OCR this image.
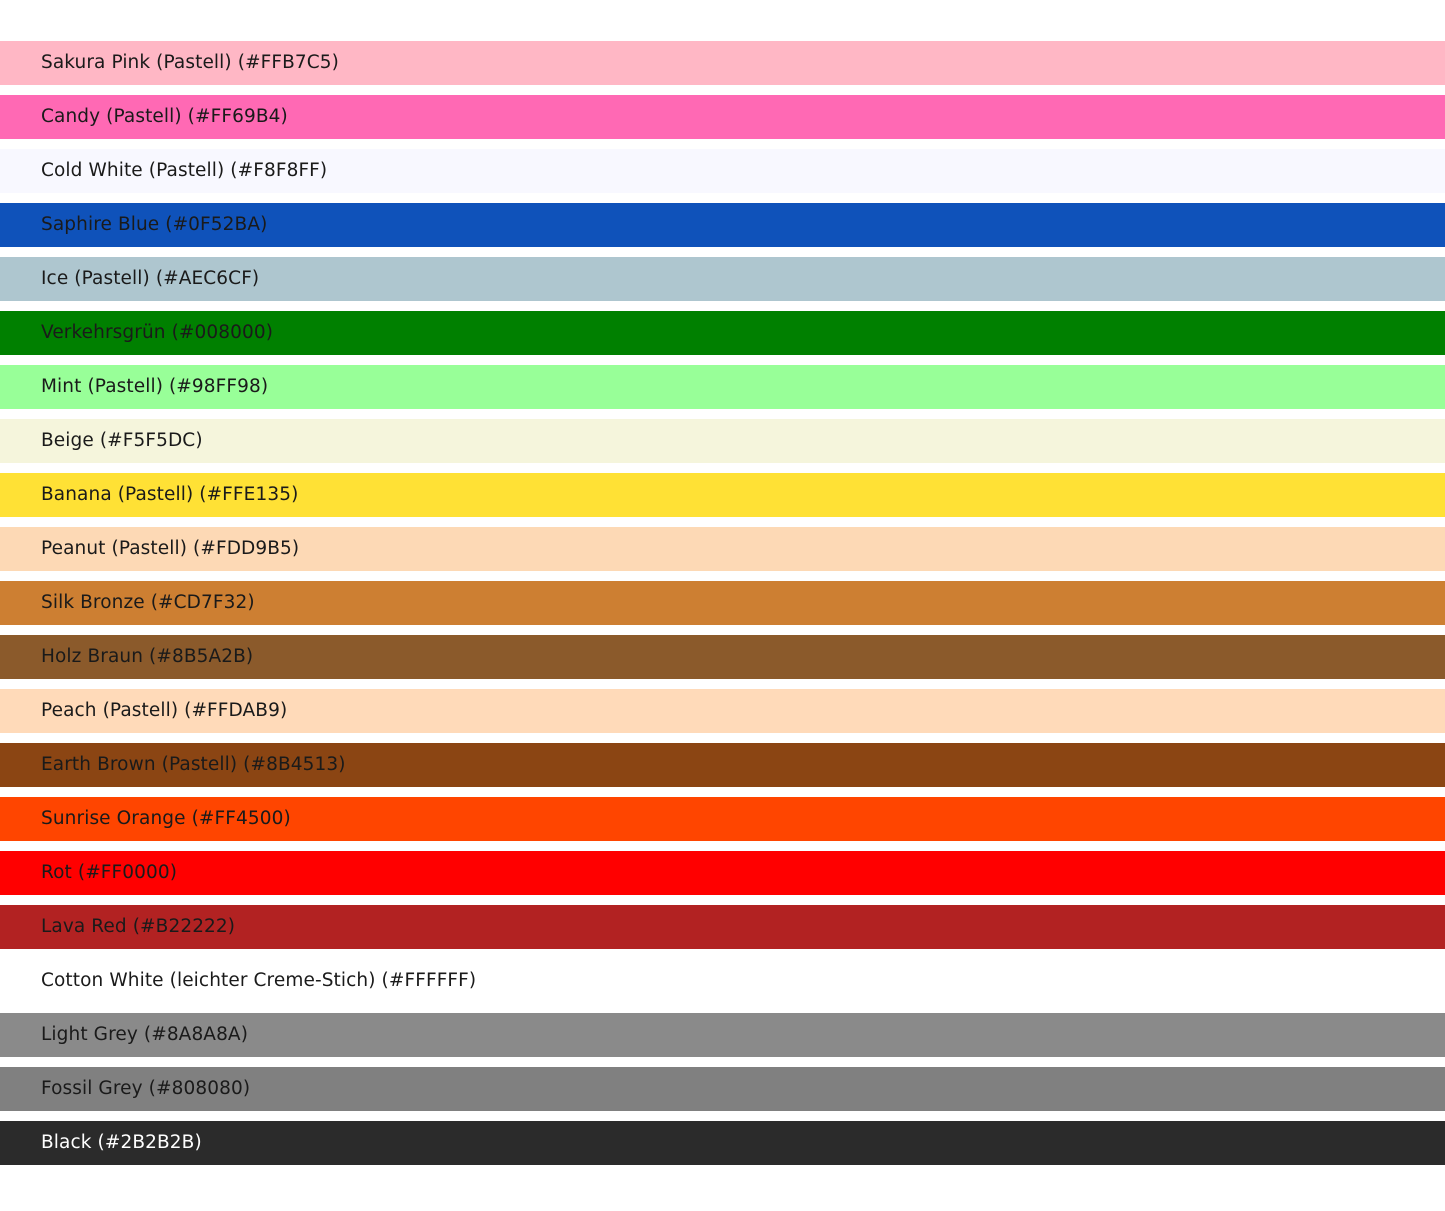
Sakura Pink (Pastell) (#FFB7C5)
Candy (Pastell) (#FF69B4)
Cold White (Pastell) (#F8F8FF)
Saphire Blue (#0F52BA)
Ice (Pastell) (#AEC6CF)
Verkehrsgrün (#008000)
Mint (Pastell) (#98FF98)
Beige (#F5F5DC)
Banana (Pastell) (#FFE135)
Peanut (Pastell) (#FDD9B5)
Silk Bronze (#CD7F32)
Holz Braun (#8B5A2B)
Peach (Pastell) (#FFDAB9)
Earth Brown (Pastell) (#8B4513)
Sunrise Orange (#FF4500)
Rot (#FF0000)
Lava Red (#B22222)
Cotton White (leichter Creme-Stich) (#FFFFFF)
Light Grey (#8A8A8A)
Fossil Grey (#808080)
Black (#2B2B2B)
